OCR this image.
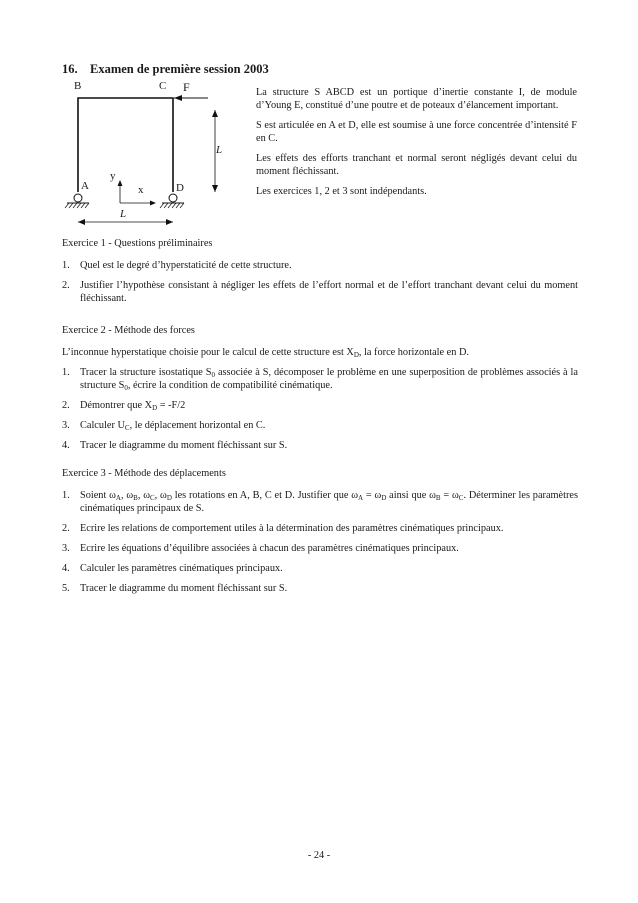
16. Examen de première session 2003
B	C F
L
y
A	x	D
L

La structure S ABCD est un portique d’inertie constante I, de module d’Young E, constitué d’une poutre et de poteaux d’élancement important.

S est articulée en A et D, elle est soumise à une force concentrée d’intensité F en C.

Les effets des efforts tranchant et normal seront négligés devant celui du moment fléchissant.

Les exercices 1, 2 et 3 sont indépendants.

Exercice 1 - Questions préliminaires
1. Quel est le degré d’hyperstaticité de cette structure.
2. Justifier l’hypothèse consistant à négliger les effets de l’effort normal et de l’effort tranchant devant celui du moment fléchissant.
Exercice 2 - Méthode des forces
L’inconnue hyperstatique choisie pour le calcul de cette structure est $X_D$, la force horizontale en D.
1. Tracer la structure isostatique $S_0$ associée à S, décomposer le problème en une superposition de problèmes associés à la structure $S_0$, écrire la condition de compatibilité cinématique.
2. Démontrer que $X_D = -F/2$
3. Calculer $U_C$, le déplacement horizontal en C.
4. Tracer le diagramme du moment fléchissant sur S.
Exercice 3 - Méthode des déplacements
1. Soient $\omega_A$, $\omega_B$, $\omega_C$, $\omega_D$ les rotations en A, B, C et D. Justifier que $\omega_A = \omega_D$ ainsi que $\omega_B = \omega_C$. Déterminer les paramètres cinématiques principaux de S.
2. Ecrire les relations de comportement utiles à la détermination des paramètres cinématiques principaux.
3. Ecrire les équations d’équilibre associées à chacun des paramètres cinématiques principaux.
4. Calculer les paramètres cinématiques principaux.
5. Tracer le diagramme du moment fléchissant sur S.
- 24 -
